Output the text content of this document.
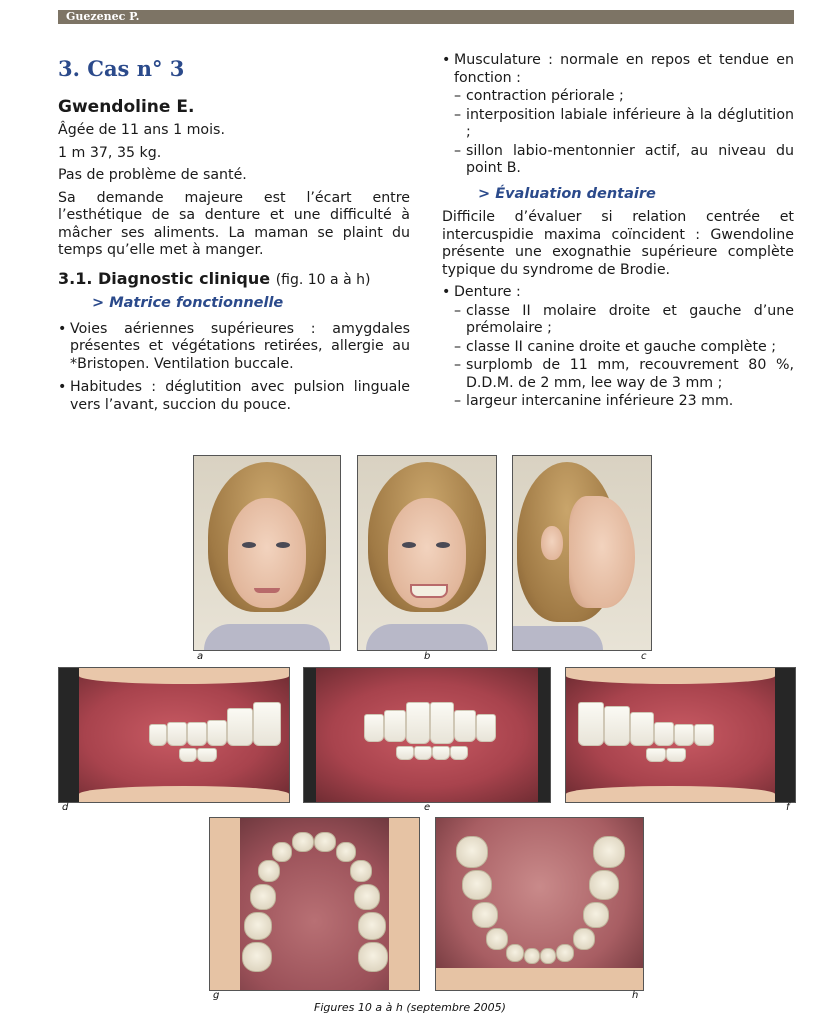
Guezenec P.
3. Cas n° 3
Gwendoline E.

Âgée de 11 ans 1 mois.

1 m 37, 35 kg.

Pas de problème de santé.

Sa demande majeure est l’écart entre l’esthétique de sa denture et une difficulté à mâcher ses aliments. La maman se plaint du temps qu’elle met à manger.

3.1. Diagnostic clinique (fig. 10 a à h)
> Matrice fonctionnelle
• Voies aériennes supérieures : amygdales présentes et végétations retirées, allergie au *Bristopen. Ventilation buccale.
• Habitudes : déglutition avec pulsion linguale vers l’avant, succion du pouce.
• Musculature : normale en repos et tendue en fonction :
– contraction périorale ;
– interposition labiale inférieure à la déglutition ;
– sillon labio-mentonnier actif, au niveau du point B.
> Évaluation dentaire

Difficile d’évaluer si relation centrée et intercuspidie maxima coïncident : Gwendoline présente une exognathie supérieure complète typique du syndrome de Brodie.

• Denture :
– classe II molaire droite et gauche d’une prémolaire ;
– classe II canine droite et gauche complète ;
– surplomb de 11 mm, recouvrement 80 %, D.D.M. de 2 mm, lee way de 3 mm ;
– largeur intercanine inférieure 23 mm.
a	b	c
d	e	f
g	h
Figures 10 a à h (septembre 2005)
